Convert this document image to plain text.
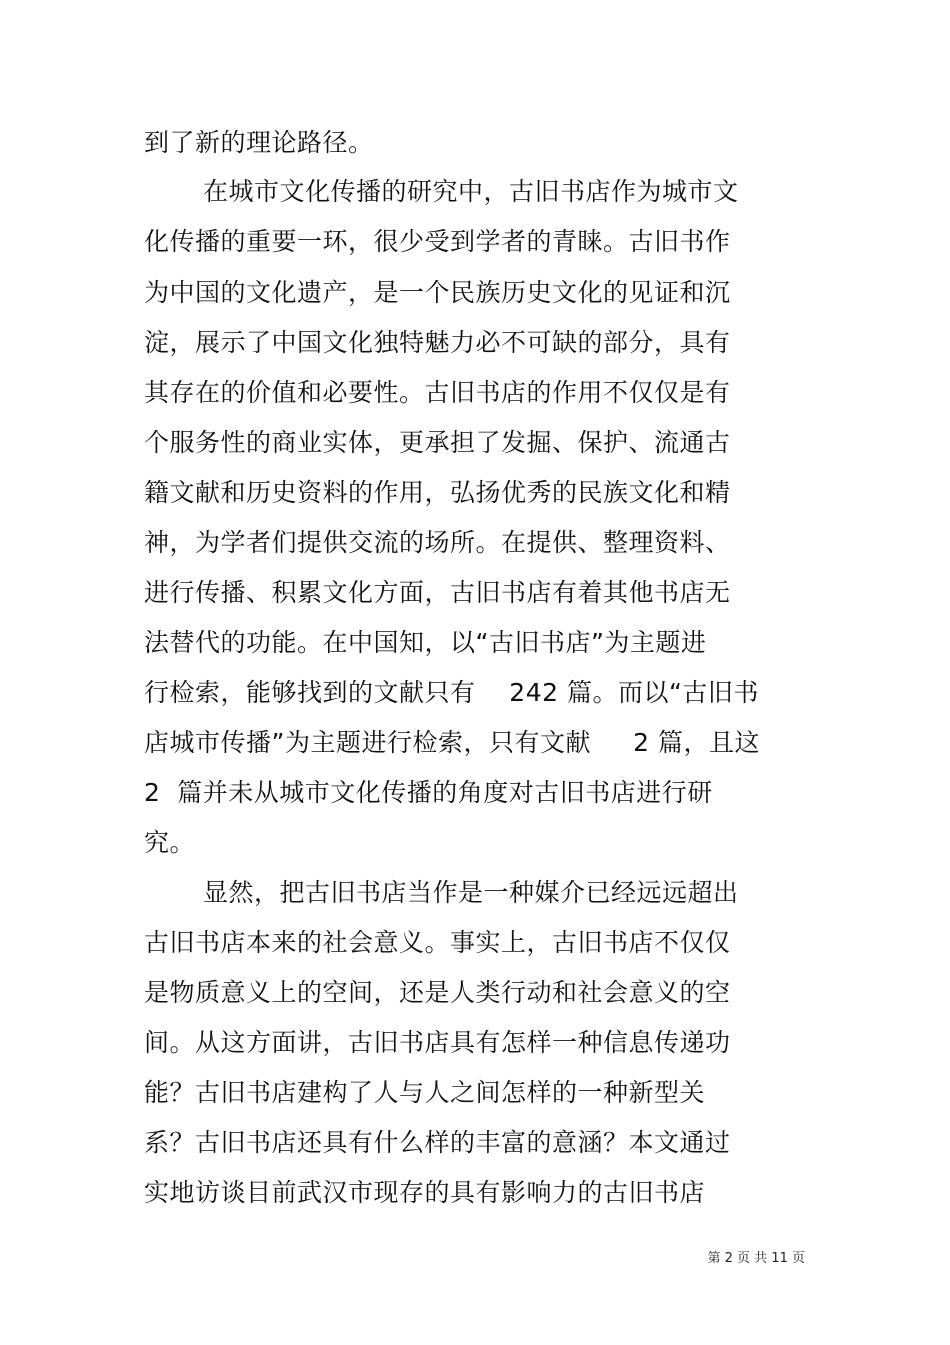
到了新的理论路径。
在城市文化传播的研究中，古旧书店作为城市文
化传播的重要一环，很少受到学者的青睐。古旧书作
为中国的文化遗产，是一个民族历史文化的见证和沉
淀，展示了中国文化独特魅力必不可缺的部分，具有
其存在的价值和必要性。古旧书店的作用不仅仅是有
个服务性的商业实体，更承担了发掘、保护、流通古
籍文献和历史资料的作用，弘扬优秀的民族文化和精
神，为学者们提供交流的场所。在提供、整理资料、
进行传播、积累文化方面，古旧书店有着其他书店无
法替代的功能。在中国知，以“古旧书店”为主题进
行检索，能够找到的文献只有    242 篇。而以“古旧书
店城市传播”为主题进行检索，只有文献     2 篇，且这
2  篇并未从城市文化传播的角度对古旧书店进行研
究。
显然，把古旧书店当作是一种媒介已经远远超出
古旧书店本来的社会意义。事实上，古旧书店不仅仅
是物质意义上的空间，还是人类行动和社会意义的空
间。从这方面讲，古旧书店具有怎样一种信息传递功
能？古旧书店建构了人与人之间怎样的一种新型关
系？古旧书店还具有什么样的丰富的意涵？本文通过
实地访谈目前武汉市现存的具有影响力的古旧书店
第 2 页 共 11 页
